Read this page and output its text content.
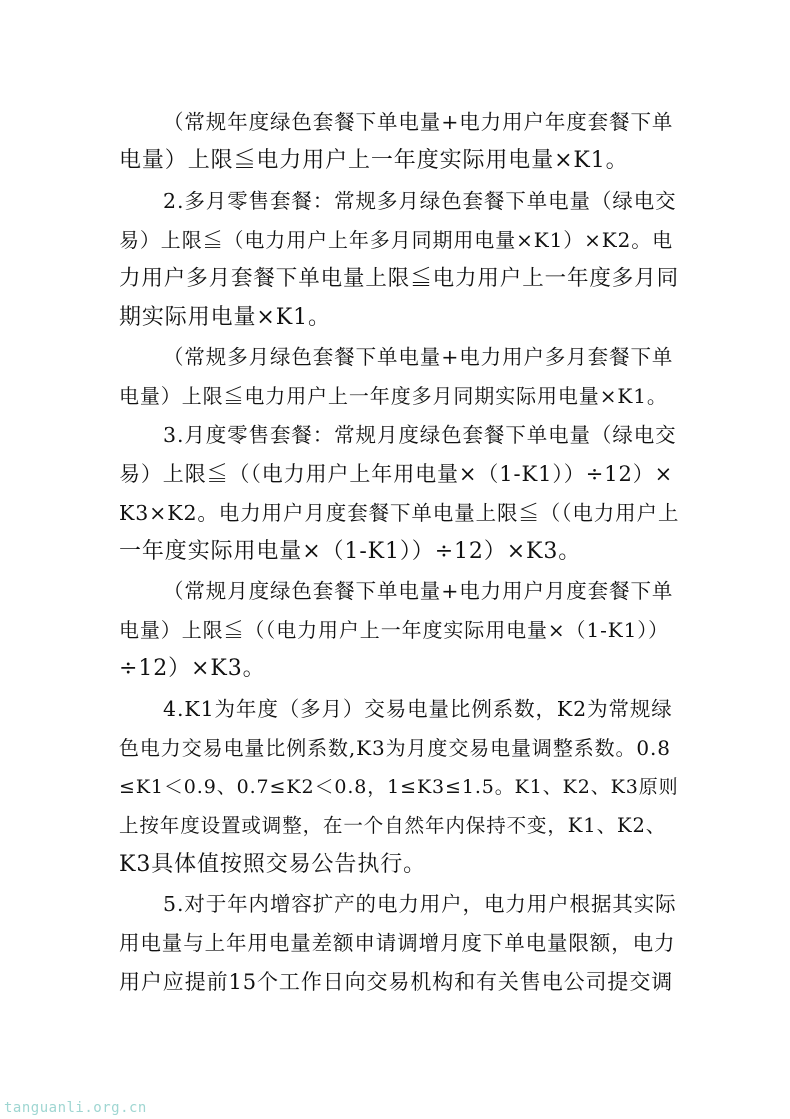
（常规年度绿色套餐下单电量+电力用户年度套餐下单
电量）上限≦电力用户上一年度实际用电量×K1。
2.多月零售套餐：常规多月绿色套餐下单电量（绿电交
易）上限≦（电力用户上年多月同期用电量×K1）×K2。电
力用户多月套餐下单电量上限≦电力用户上一年度多月同
期实际用电量×K1。
（常规多月绿色套餐下单电量+电力用户多月套餐下单
电量）上限≦电力用户上一年度多月同期实际用电量×K1。
3.月度零售套餐：常规月度绿色套餐下单电量（绿电交
易）上限≦（（电力用户上年用电量×（1-K1））÷12）×
K3×K2。电力用户月度套餐下单电量上限≦（（电力用户上
一年度实际用电量×（1-K1））÷12）×K3。
（常规月度绿色套餐下单电量+电力用户月度套餐下单
电量）上限≦（（电力用户上一年度实际用电量×（1-K1））
÷12）×K3。
4.K1为年度（多月）交易电量比例系数，K2为常规绿
色电力交易电量比例系数,K3为月度交易电量调整系数。0.8
≤K1＜0.9、0.7≤K2＜0.8，1≤K3≤1.5。K1、K2、K3原则
上按年度设置或调整，在一个自然年内保持不变，K1、K2、
K3具体值按照交易公告执行。
5.对于年内增容扩产的电力用户，电力用户根据其实际
用电量与上年用电量差额申请调增月度下单电量限额，电力
用户应提前15个工作日向交易机构和有关售电公司提交调
tanguanli.org.cn
